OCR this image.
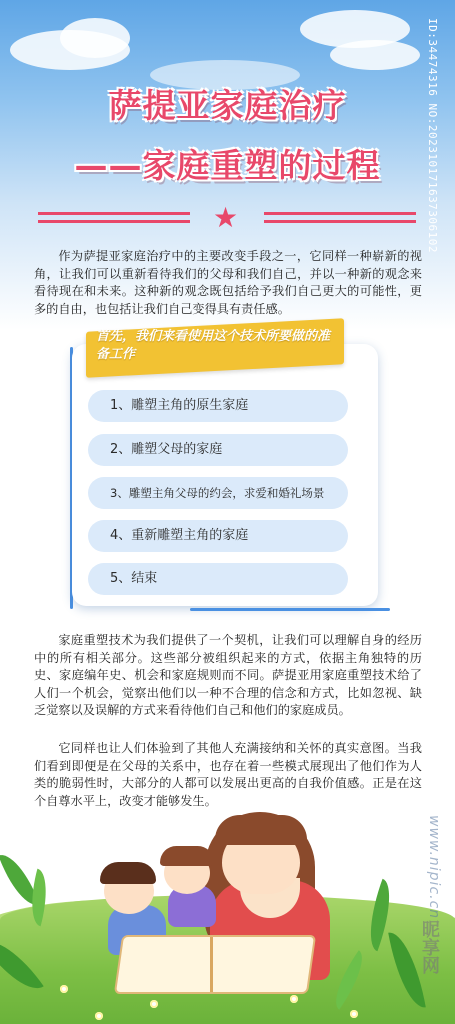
ID:34474316 NO:20231017163730610​2
萨提亚家庭治疗
——家庭重塑的过程
★
作为萨提亚家庭治疗中的主要改变手段之一，它同样一种崭新的视角，让我们可以重新看待我们的父母和我们自己，并以一种新的观念来看待现在和未来。这种新的观念既包括给予我们自己更大的可能性，更多的自由，也包括让我们自己变得具有责任感。
首先，我们来看使用这个技术所要做的准备工作
1、雕塑主角的原生家庭
2、雕塑父母的家庭
3、雕塑主角父母的约会，求爱和婚礼场景
4、重新雕塑主角的家庭
5、结束
家庭重塑技术为我们提供了一个契机，让我们可以理解自身的经历中的所有相关部分。这些部分被组织起来的方式，依据主角独特的历史、家庭编年史、机会和家庭规则而不同。萨提亚用家庭重塑技术给了人们一个机会，觉察出他们以一种不合理的信念和方式，比如忽视、缺乏觉察以及误解的方式来看待他们自己和他们的家庭成员。
它同样也让人们体验到了其他人充满接纳和关怀的真实意图。当我们看到即便是在父母的关系中，也存在着一些模式展现出了他们作为人类的脆弱性时，大部分的人都可以发展出更高的自我价值感。正是在这个自尊水平上，改变才能够发生。
www.nipic.cn
昵享网
